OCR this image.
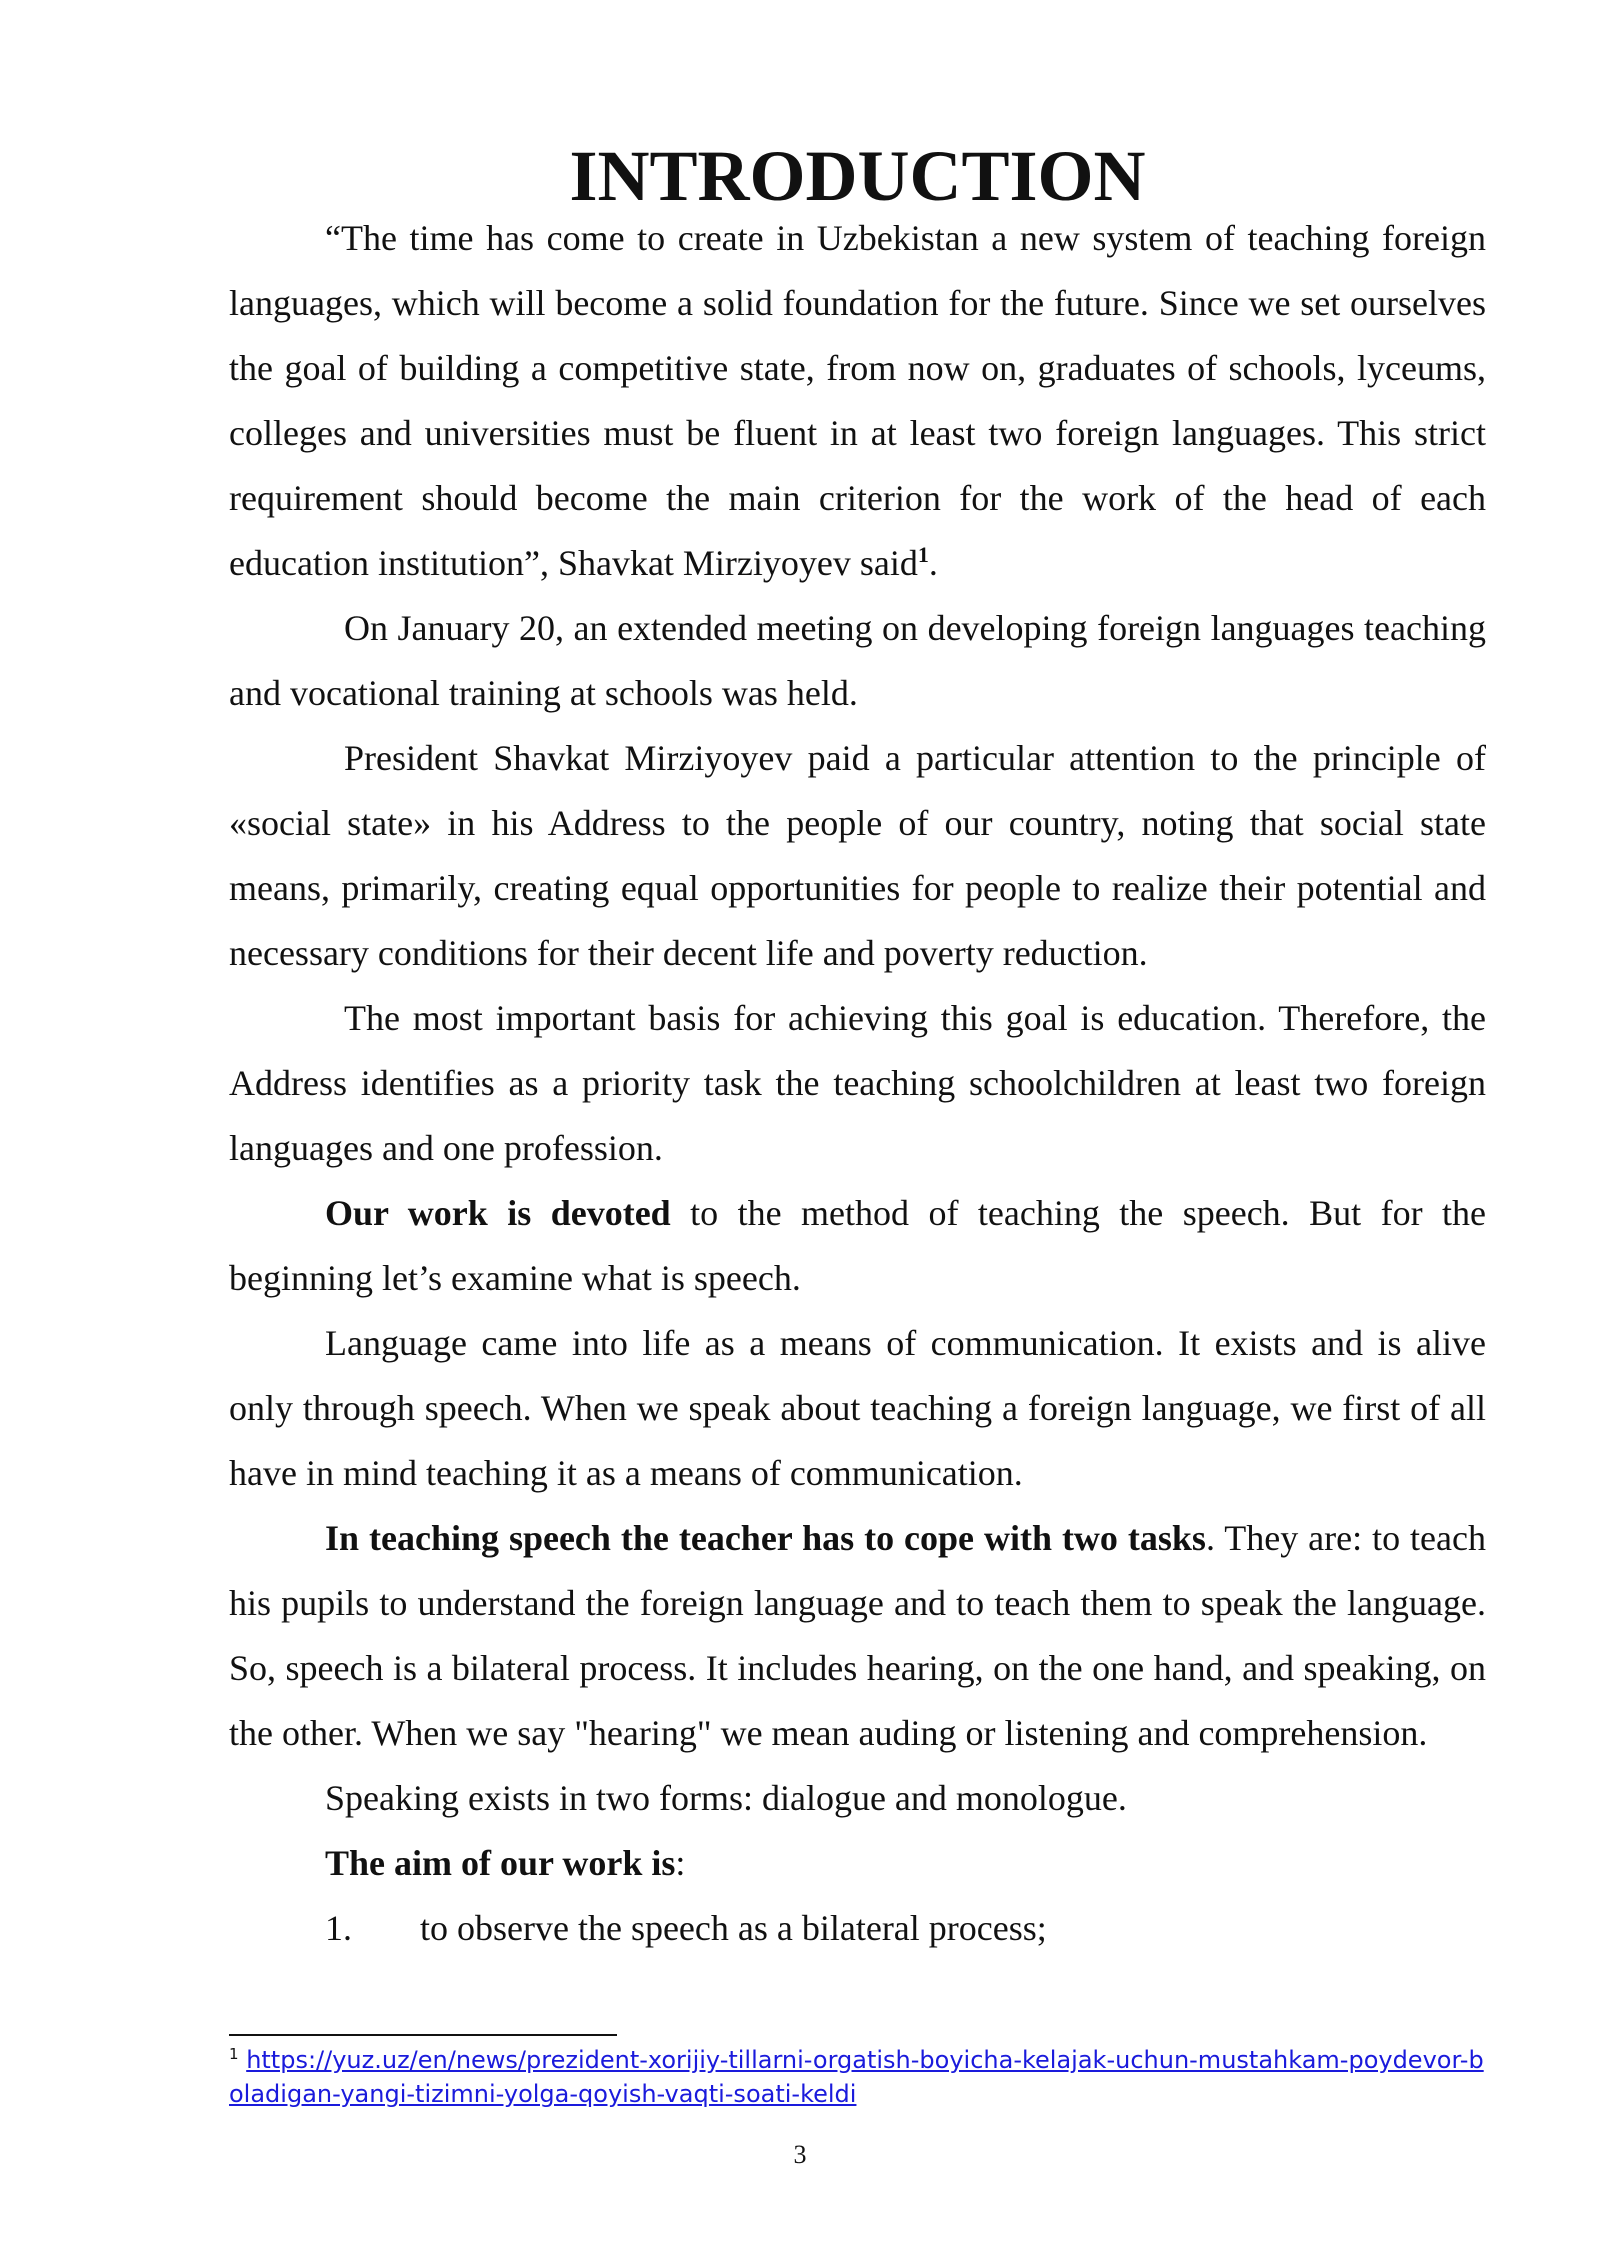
INTRODUCTION

“The time has come to create in Uzbekistan a new system of teaching foreign languages, which will become a solid foundation for the future. Since we set ourselves the goal of building a competitive state, from now on, graduates of schools, lyceums, colleges and universities must be fluent in at least two foreign languages. This strict requirement should become the main criterion for the work of the head of each education institution”, Shavkat Mirziyoyev said$^1$.

On January 20, an extended meeting on developing foreign languages teaching and vocational training at schools was held.

President Shavkat Mirziyoyev paid a particular attention to the principle of «social state» in his Address to the people of our country, noting that social state means, primarily, creating equal opportunities for people to realize their potential and necessary conditions for their decent life and poverty reduction.

The most important basis for achieving this goal is education. Therefore, the Address identifies as a priority task the teaching schoolchildren at least two foreign languages and one profession.

Our work is devoted to the method of teaching the speech. But for the beginning let’s examine what is speech.

Language came into life as a means of communication. It exists and is alive only through speech. When we speak about teaching a foreign language, we first of all have in mind teaching it as a means of communication.

In teaching speech the teacher has to cope with two tasks. They are: to teach his pupils to understand the foreign language and to teach them to speak the language. So, speech is a bilateral process. It includes hearing, on the one hand, and speaking, on the other. When we say "hearing" we mean auding or listening and comprehension.

Speaking exists in two forms: dialogue and monologue.

The aim of our work is:

1.	to observe the speech as a bilateral process;
$^1$ https://yuz.uz/en/news/prezident-xorijiy-tillarni-orgatish-boyicha-kelajak-uchun-mustahkam-poydevor-boladigan-yangi-tizimni-yolga-qoyish-vaqti-soati-keldi
3
